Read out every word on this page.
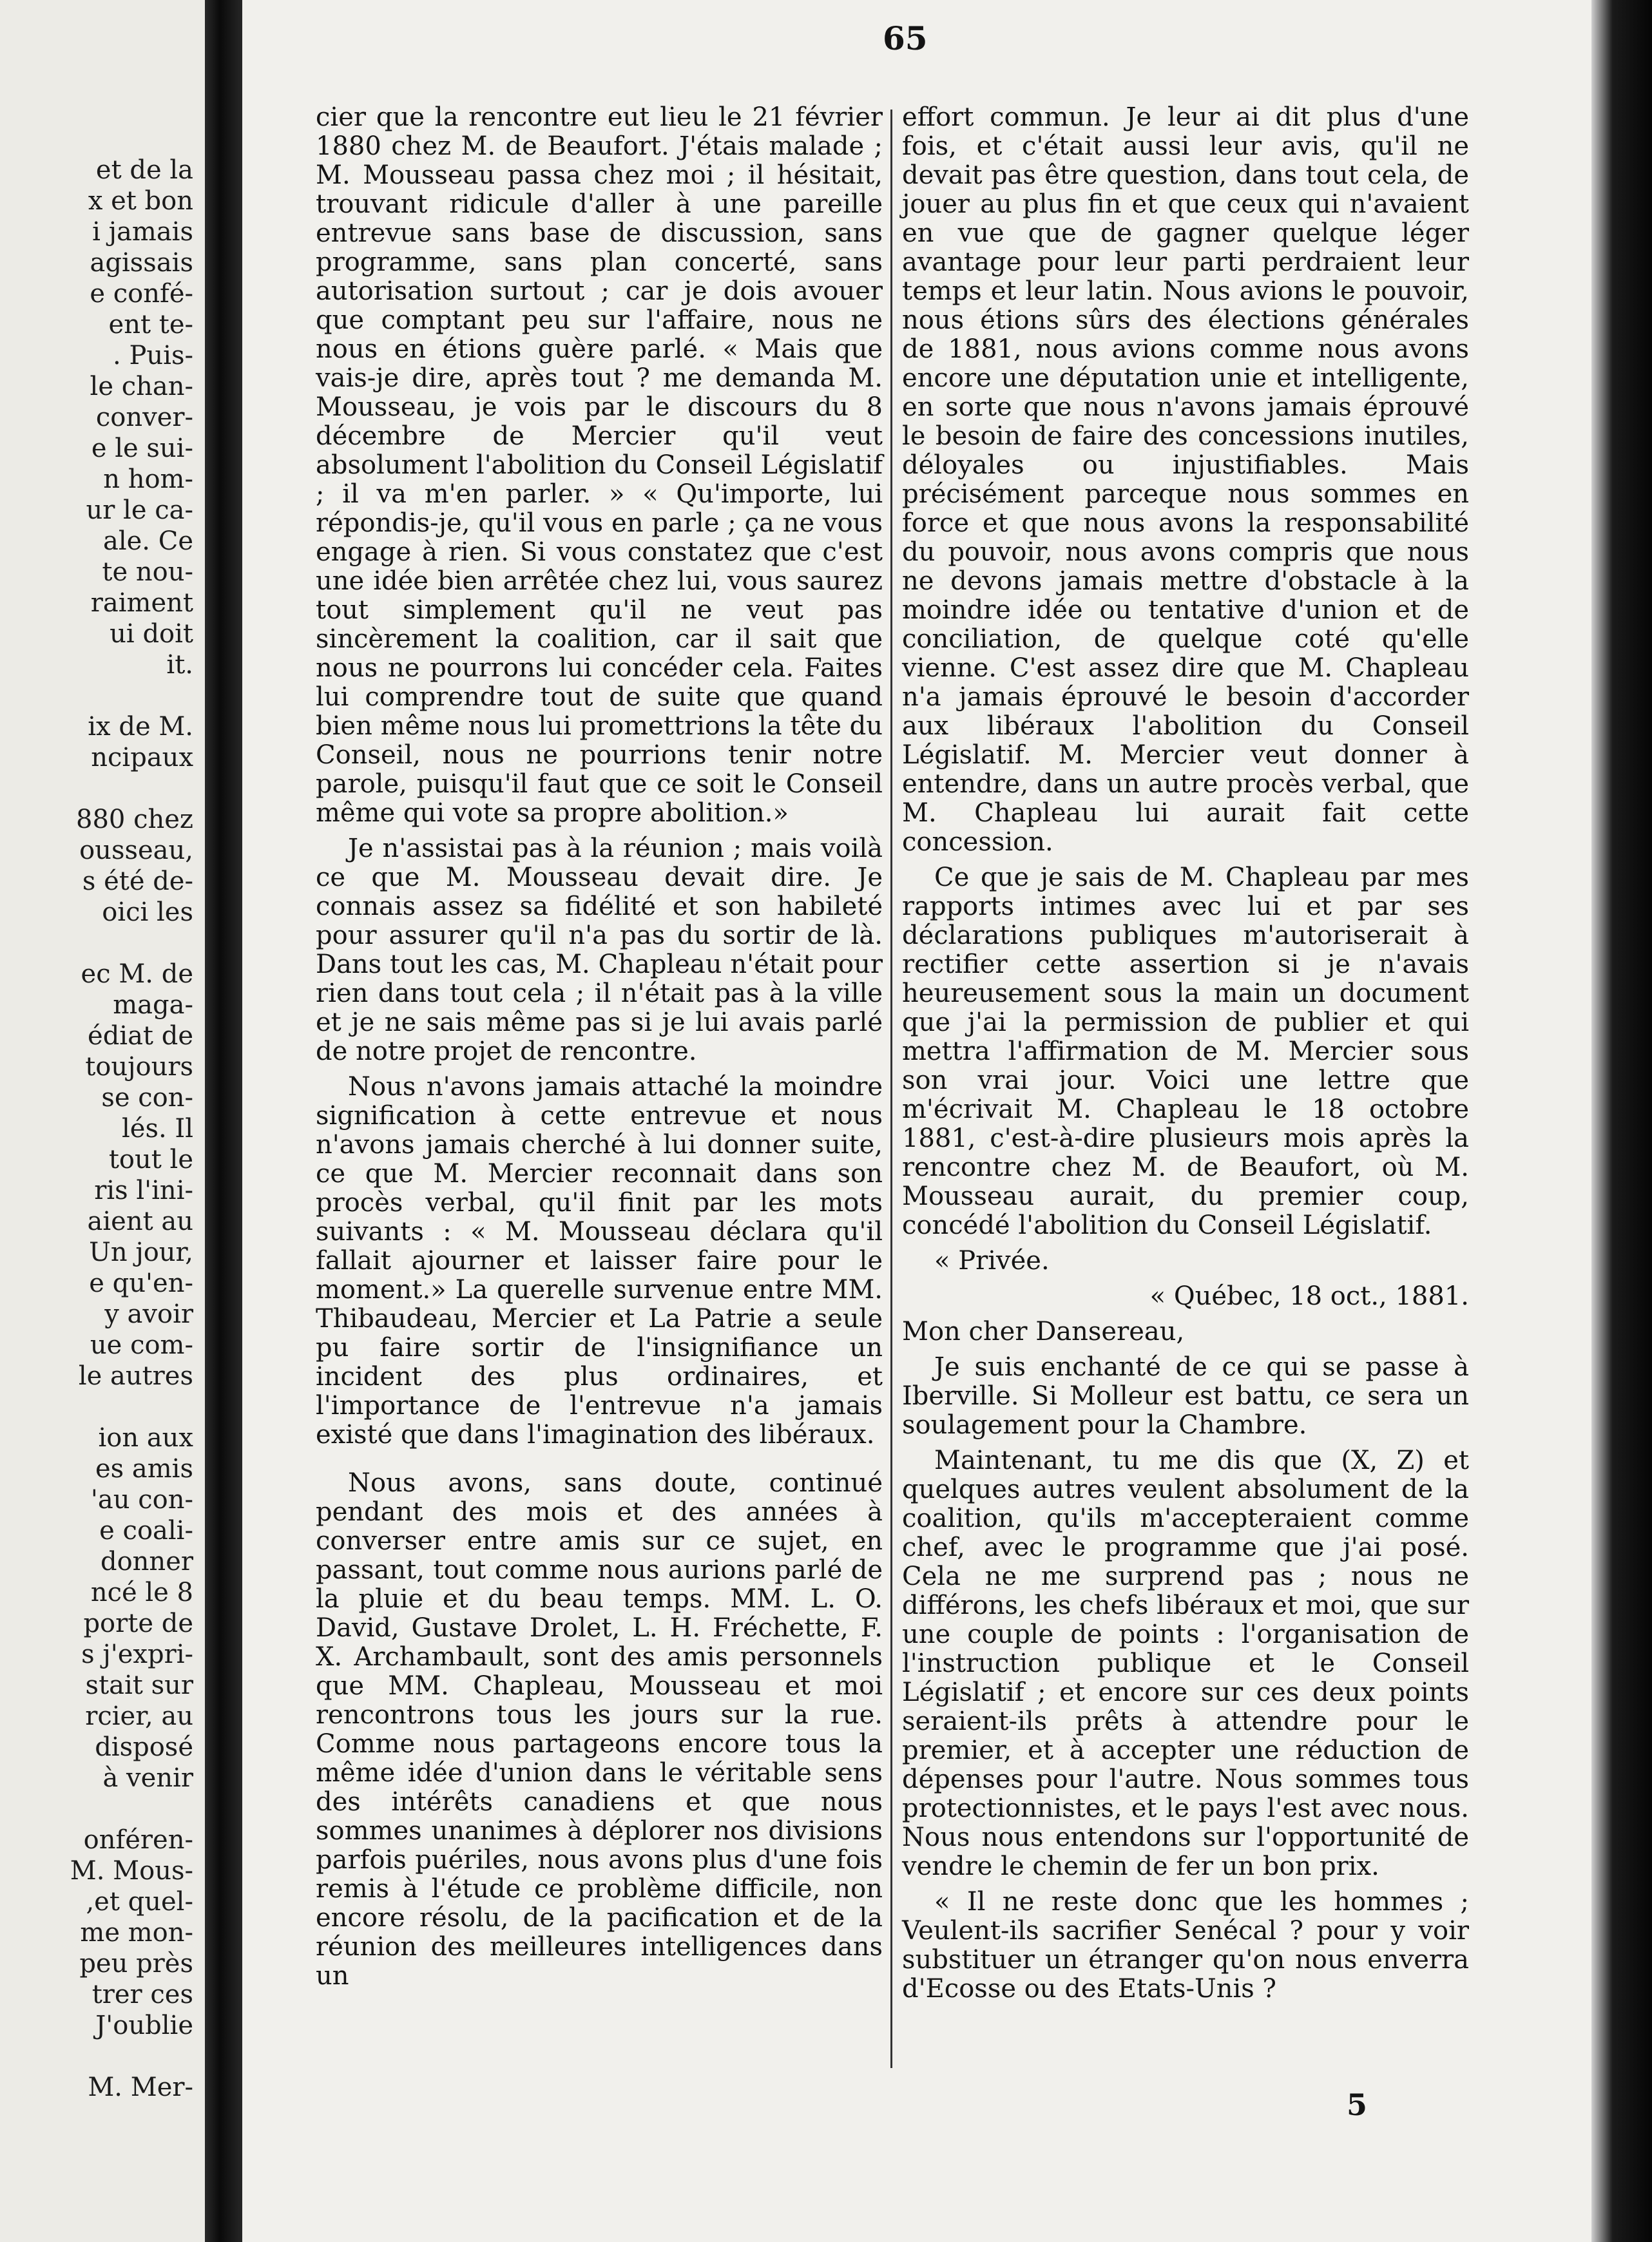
et de la
x et bon
i jamais
agissais
e confé-
ent te-
. Puis-
le chan-
conver-
e le sui-
n hom-
ur le ca-
ale. Ce
te nou-
raiment
ui doit
it.
ix de M.
ncipaux
880 chez
ousseau,
s été de-
oici les
ec M. de
maga-
édiat de
toujours
se con-
lés. Il
tout le
ris l'ini-
aient au
Un jour,
e qu'en-
y avoir
ue com-
le autres
ion aux
es amis
'au con-
e coali-
donner
ncé le 8
porte de
s j'expri-
stait sur
rcier, au
disposé
à venir
onféren-
M. Mous-
,et quel-
me mon-
peu près
trer ces
J'oublie
M. Mer-
65

cier que la rencontre eut lieu le 21 février 1880 chez M. de Beaufort. J'étais malade ; M. Mousseau passa chez moi ; il hésitait, trouvant ridicule d'aller à une pareille entrevue sans base de discussion, sans programme, sans plan concerté, sans autorisation surtout ; car je dois avouer que comptant peu sur l'affaire, nous ne nous en étions guère parlé. « Mais que vais-je dire, après tout ? me demanda M. Mousseau, je vois par le discours du 8 décembre de Mercier qu'il veut absolument l'abolition du Conseil Législatif ; il va m'en parler. » « Qu'importe, lui répondis-je, qu'il vous en parle ; ça ne vous engage à rien. Si vous constatez que c'est une idée bien arrêtée chez lui, vous saurez tout simplement qu'il ne veut pas sincèrement la coalition, car il sait que nous ne pourrons lui concéder cela. Faites lui comprendre tout de suite que quand bien même nous lui promettrions la tête du Conseil, nous ne pourrions tenir notre parole, puisqu'il faut que ce soit le Conseil même qui vote sa propre abolition.»

Je n'assistai pas à la réunion ; mais voilà ce que M. Mousseau devait dire. Je connais assez sa fidélité et son habileté pour assurer qu'il n'a pas du sortir de là. Dans tout les cas, M. Chapleau n'était pour rien dans tout cela ; il n'était pas à la ville et je ne sais même pas si je lui avais parlé de notre projet de rencontre.

Nous n'avons jamais attaché la moindre signification à cette entrevue et nous n'avons jamais cherché à lui donner suite, ce que M. Mercier reconnait dans son procès verbal, qu'il finit par les mots suivants : « M. Mousseau déclara qu'il fallait ajourner et laisser faire pour le moment.» La querelle survenue entre MM. Thibaudeau, Mercier et La Patrie a seule pu faire sortir de l'insignifiance un incident des plus ordinaires, et l'importance de l'entrevue n'a jamais existé que dans l'imagination des libéraux.

Nous avons, sans doute, continué pendant des mois et des années à converser entre amis sur ce sujet, en passant, tout comme nous aurions parlé de la pluie et du beau temps. MM. L. O. David, Gustave Drolet, L. H. Fréchette, F. X. Archambault, sont des amis personnels que MM. Chapleau, Mousseau et moi rencontrons tous les jours sur la rue. Comme nous partageons encore tous la même idée d'union dans le véritable sens des intérêts canadiens et que nous sommes unanimes à déplorer nos divisions parfois puériles, nous avons plus d'une fois remis à l'étude ce problème difficile, non encore résolu, de la pacification et de la réunion des meilleures intelligences dans un

effort commun. Je leur ai dit plus d'une fois, et c'était aussi leur avis, qu'il ne devait pas être question, dans tout cela, de jouer au plus fin et que ceux qui n'avaient en vue que de gagner quelque léger avantage pour leur parti perdraient leur temps et leur latin. Nous avions le pouvoir, nous étions sûrs des élections générales de 1881, nous avions comme nous avons encore une députation unie et intelligente, en sorte que nous n'avons jamais éprouvé le besoin de faire des concessions inutiles, déloyales ou injustifiables. Mais précisément parceque nous sommes en force et que nous avons la responsabilité du pouvoir, nous avons compris que nous ne devons jamais mettre d'obstacle à la moindre idée ou tentative d'union et de conciliation, de quelque coté qu'elle vienne. C'est assez dire que M. Chapleau n'a jamais éprouvé le besoin d'accorder aux libéraux l'abolition du Conseil Législatif. M. Mercier veut donner à entendre, dans un autre procès verbal, que M. Chapleau lui aurait fait cette concession.

Ce que je sais de M. Chapleau par mes rapports intimes avec lui et par ses déclarations publiques m'autoriserait à rectifier cette assertion si je n'avais heureusement sous la main un document que j'ai la permission de publier et qui mettra l'affirmation de M. Mercier sous son vrai jour. Voici une lettre que m'écrivait M. Chapleau le 18 octobre 1881, c'est-à-dire plusieurs mois après la rencontre chez M. de Beaufort, où M. Mousseau aurait, du premier coup, concédé l'abolition du Conseil Législatif.

« Privée.

« Québec, 18 oct., 1881.

Mon cher Dansereau,

Je suis enchanté de ce qui se passe à Iberville. Si Molleur est battu, ce sera un soulagement pour la Chambre.

Maintenant, tu me dis que (X, Z) et quelques autres veulent absolument de la coalition, qu'ils m'accepteraient comme chef, avec le programme que j'ai posé. Cela ne me surprend pas ; nous ne différons, les chefs libéraux et moi, que sur une couple de points : l'organisation de l'instruction publique et le Conseil Législatif ; et encore sur ces deux points seraient-ils prêts à attendre pour le premier, et à accepter une réduction de dépenses pour l'autre. Nous sommes tous protectionnistes, et le pays l'est avec nous. Nous nous entendons sur l'opportunité de vendre le chemin de fer un bon prix.

« Il ne reste donc que les hommes ; Veulent-ils sacrifier Senécal ? pour y voir substituer un étranger qu'on nous enverra d'Ecosse ou des Etats-Unis ?

5
